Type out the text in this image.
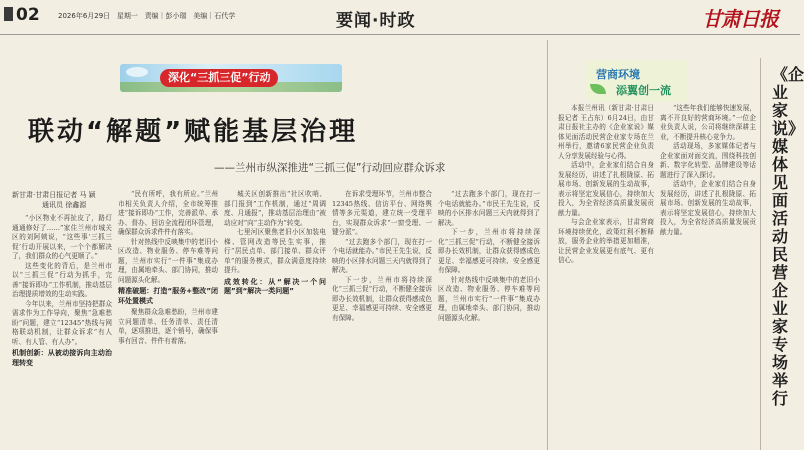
02	2026年6月29日 星期一 责编｜彭小瑞 美编｜石代学	要闻·时政	甘肃日报
深化“三抓三促”行动
联动“解题”赋能基层治理
——兰州市纵深推进“三抓三促”行动回应群众诉求
新甘肃·甘肃日报记者 马 颖
通讯员 徐鑫源

“小区物业不再扯皮了，路灯通通修好了……”家住兰州市城关区的刘阿姨说，“这些事‘三抓三促’行动开展以来，一个个都解决了，我们群众的心气更顺了。”

这些变化的背后，是兰州市以“三抓三促”行动为抓手，完善“接诉即办”工作机制，推动基层治理提质增效的生动实践。

今年以来，兰州市坚持把群众需求作为工作导向，聚焦“急难愁盼”问题，建立“12345”热线与网格联动机制，让群众诉求“有人听、有人管、有人办”。

机制创新：从被动接诉向主动治理转变

“民有所呼，我有所应。”兰州市相关负责人介绍，全市统筹推进“接诉即办”工作，完善派单、承办、督办、回访全流程闭环管理，确保群众诉求件件有落实。

针对热线中反映集中的老旧小区改造、物业服务、停车难等问题，兰州市实行“一件事”集成办理，由属地牵头、部门协同，推动问题源头化解。

精准破题：打造“服务+整改”闭环处置模式

聚焦群众急难愁盼，兰州市建立问题清单、任务清单、责任清单，逐项推进，逐个销号，确保事事有回音、件件有着落。

城关区创新推出“社区吹哨、部门报到”工作机制，通过“周调度、月通报”，推动基层治理由“被动应对”向“主动作为”转变。

七里河区聚焦老旧小区加装电梯、管网改造等民生实事，推行“居民点单、部门接单、群众评单”的服务模式，群众满意度持续提升。

成效转化：从“解决一个问题”到“解决一类问题”

在诉求受理环节，兰州市整合12345热线、信访平台、网络舆情等多元渠道，建立统一受理平台，实现群众诉求“一窗受理、一键分派”。

“过去跑多个部门，现在打一个电话就能办。”市民王先生说，反映的小区排水问题三天内就得到了解决。

下一步，兰州市将持续深化“三抓三促”行动，不断健全接诉即办长效机制，让群众获得感成色更足、幸福感更可持续、安全感更有保障。

“过去跑多个部门，现在打一个电话就能办。”市民王先生说，反映的小区排水问题三天内就得到了解决。

下一步，兰州市将持续深化“三抓三促”行动，不断健全接诉即办长效机制，让群众获得感成色更足、幸福感更可持续、安全感更有保障。

针对热线中反映集中的老旧小区改造、物业服务、停车难等问题，兰州市实行“一件事”集成办理，由属地牵头、部门协同，推动问题源头化解。

营商环境
添翼创一流

本报兰州讯（新甘肃·甘肃日报记者 王占东）6月24日，由甘肃日报社主办的《企业家说》媒体见面活动民营企业家专场在兰州举行，邀请6家民营企业负责人分享发展经验与心得。

活动中，企业家们结合自身发展经历，讲述了扎根陇原、拓展市场、创新发展的生动故事，表示将坚定发展信心，持续加大投入，为全省经济高质量发展贡献力量。

与会企业家表示，甘肃营商环境持续优化，政策红利不断释放，服务企业的举措更加精准，让民营企业发展更有底气、更有信心。

“这些年我们能够快速发展，离不开良好的营商环境。”一位企业负责人说，公司将继续深耕主业，不断提升核心竞争力。

活动现场，多家媒体记者与企业家面对面交流，围绕科技创新、数字化转型、品牌建设等话题进行了深入探讨。

活动中，企业家们结合自身发展经历，讲述了扎根陇原、拓展市场、创新发展的生动故事，表示将坚定发展信心，持续加大投入，为全省经济高质量发展贡献力量。

《企业家说》媒体见面活动民营企业家专场举行
